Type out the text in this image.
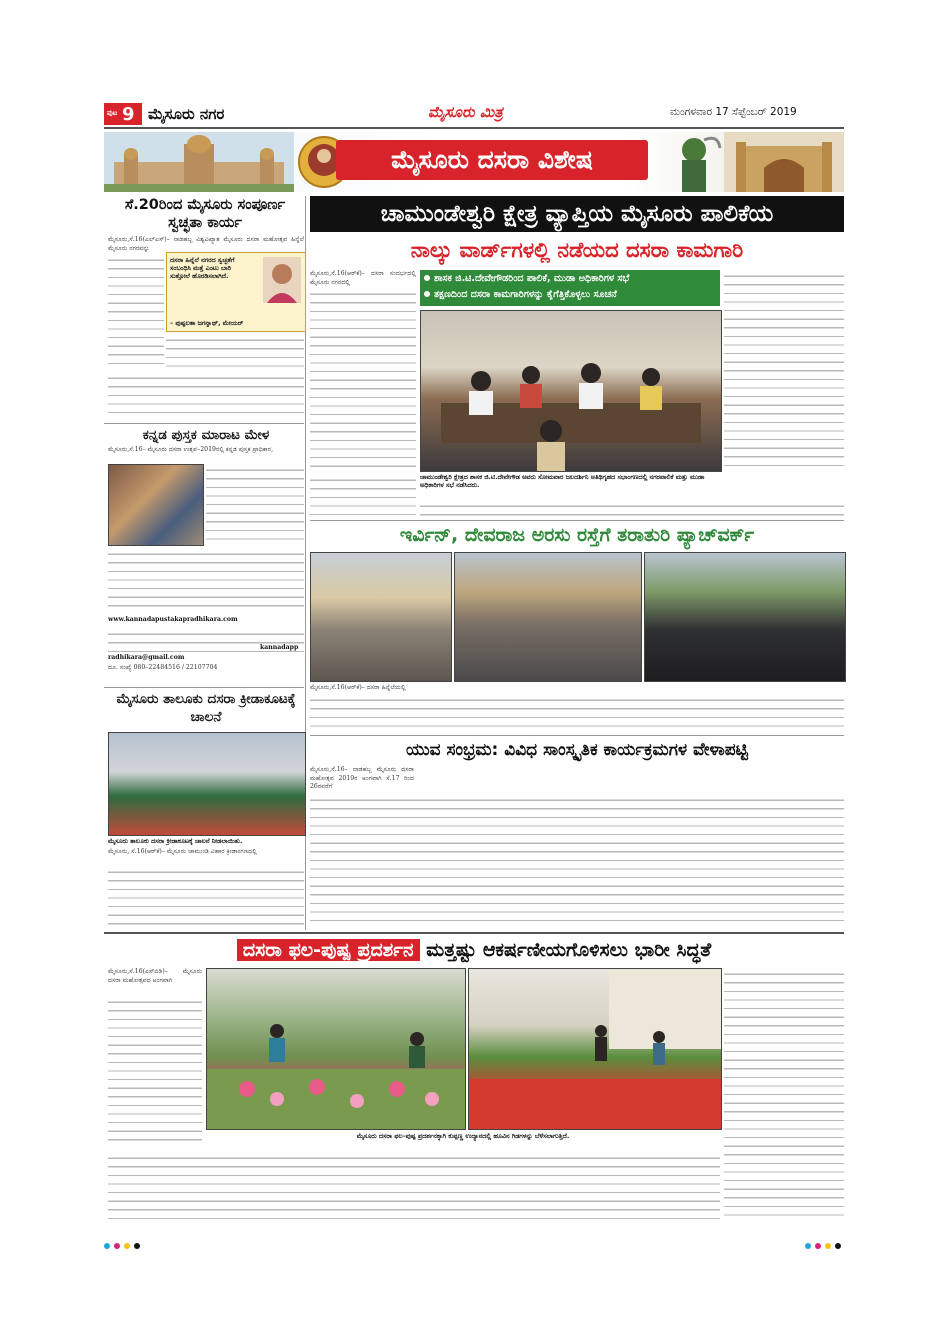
ಪುಟ 9 ಮೈಸೂರು ನಗರ	ಮೈಸೂರು ಮಿತ್ರ	ಮಂಗಳವಾರ 17 ಸೆಪ್ಟೆಂಬರ್ 2019
ಮೈಸೂರು ದಸರಾ ವಿಶೇಷ
ಸೆ.20ರಿಂದ ಮೈಸೂರು ಸಂಪೂರ್ಣ ಸ್ವಚ್ಛತಾ ಕಾರ್ಯ
ಮೈಸೂರು,ಸೆ.16(ಎಲ್ಎಸ್)– ನಾಡಹಬ್ಬ ವಿಶ್ವವಿಖ್ಯಾತ ಮೈಸೂರು ದಸರಾ ಮಹೋತ್ಸವ ಹಿನ್ನೆಲೆ ಮೈಸೂರು ನಗರವನ್ನು
ದಸರಾ ಹಿನ್ನೆಲೆ ನಗರದ ಸ್ವಚ್ಛತೆಗೆ ಸಂಬಂಧಿಸಿ ಮತ್ತೆ ಎಂಟು ಬಾರಿ ಸುತ್ತೋಲೆ ಹೊರಡಿಸಲಾಗಿದೆ.
– ಪುಷ್ಪಲತಾ ಜಗನ್ನಾಥ್, ಮೇಯರ್
ಕನ್ನಡ ಪುಸ್ತಕ ಮಾರಾಟ ಮೇಳ
ಮೈಸೂರು,ಸೆ.16– ಮೈಸೂರು ದಸರಾ ಉತ್ಸವ–2019ರಲ್ಲಿ ಕನ್ನಡ ಪುಸ್ತಕ ಪ್ರಾಧಿಕಾರ,
www.kannadapustakapradhikara.com
kannadapp
radhikara@gmail.com
ದೂ. ಸಂಖ್ಯೆ 080–22484516 / 22107704
ಮೈಸೂರು ತಾಲೂಕು ದಸರಾ ಕ್ರೀಡಾಕೂಟಕ್ಕೆ ಚಾಲನೆ
ಮೈಸೂರು ತಾಲೂಕು ದಸರಾ ಕ್ರೀಡಾಕೂಟಕ್ಕೆ ಚಾಲನೆ ನೀಡಲಾಯಿತು.
ಮೈಸೂರು, ಸೆ.16(ಆರ್‌ಕೆ)– ಮೈಸೂರು ಚಾಮುಂಡಿ ವಿಹಾರ ಕ್ರೀಡಾಂಗಣದಲ್ಲಿ
ಚಾಮುಂಡೇಶ್ವರಿ ಕ್ಷೇತ್ರ ವ್ಯಾಪ್ತಿಯ ಮೈಸೂರು ಪಾಲಿಕೆಯ
ನಾಲ್ಕು ವಾರ್ಡ್‌ಗಳಲ್ಲಿ ನಡೆಯದ ದಸರಾ ಕಾಮಗಾರಿ
ಮೈಸೂರು,ಸೆ.16(ಆರ್‌ಕೆ)– ದಸರಾ ಸಂದರ್ಭದಲ್ಲಿ ಮೈಸೂರು ನಗರದಲ್ಲಿ	ಶಾಸಕ ಜಿ.ಟಿ.ದೇವೇಗೌಡರಿಂದ ಪಾಲಿಕೆ, ಮುಡಾ ಅಧಿಕಾರಿಗಳ ಸಭೆ
ತಕ್ಷಣದಿಂದ ದಸರಾ ಕಾಮಗಾರಿಗಳನ್ನು ಕೈಗೆತ್ತಿಕೊಳ್ಳಲು ಸೂಚನೆ
ಚಾಮುಂಡೇಶ್ವರಿ ಕ್ಷೇತ್ರದ ಶಾಸಕ ಜಿ.ಟಿ.ದೇವೇಗೌಡ ಅವರು ಸೋಮವಾರ ಜಲದರ್ಶಿನಿ ಅತಿಥಿಗೃಹದ ಸಭಾಂಗಣದಲ್ಲಿ ನಗರಪಾಲಿಕೆ ಮತ್ತು ಮುಡಾ ಅಧಿಕಾರಿಗಳ ಸಭೆ ನಡೆಸಿದರು.
ಇರ್ವಿನ್, ದೇವರಾಜ ಅರಸು ರಸ್ತೆಗೆ ತರಾತುರಿ ಪ್ಯಾಚ್‌ವರ್ಕ್
ಮೈಸೂರು,ಸೆ.16(ಆರ್‌ಕೆ)– ದಸರಾ ಹಿನ್ನೆಲೆಯಲ್ಲಿ
ಯುವ ಸಂಭ್ರಮ: ವಿವಿಧ ಸಾಂಸ್ಕೃತಿಕ ಕಾರ್ಯಕ್ರಮಗಳ ವೇಳಾಪಟ್ಟಿ
ಮೈಸೂರು,ಸೆ.16– ನಾಡಹಬ್ಬ ಮೈಸೂರು ದಸರಾ ಮಹೋತ್ಸವ 2019ರ ಅಂಗವಾಗಿ ಸೆ.17 ರಿಂದ 26ರವರೆಗೆ
ದಸರಾ ಫಲ-ಪುಷ್ಪ ಪ್ರದರ್ಶನ ಮತ್ತಷ್ಟು ಆಕರ್ಷಣೀಯಗೊಳಿಸಲು ಭಾರೀ ಸಿದ್ಧತೆ
ಮೈಸೂರು,ಸೆ.16(ಎಸ್‌ಬಿಡಿ)– ಮೈಸೂರು ದಸರಾ ಮಹೋತ್ಸವದ ಅಂಗವಾಗಿ
ಮೈಸೂರು ದಸರಾ ಫಲ–ಪುಷ್ಪ ಪ್ರದರ್ಶನಕ್ಕಾಗಿ ಕುಪ್ಪಣ್ಣ ಉದ್ಯಾನದಲ್ಲಿ ಹೂವಿನ ಗಿಡಗಳನ್ನು ಬೆಳೆಸಲಾಗುತ್ತಿದೆ.
